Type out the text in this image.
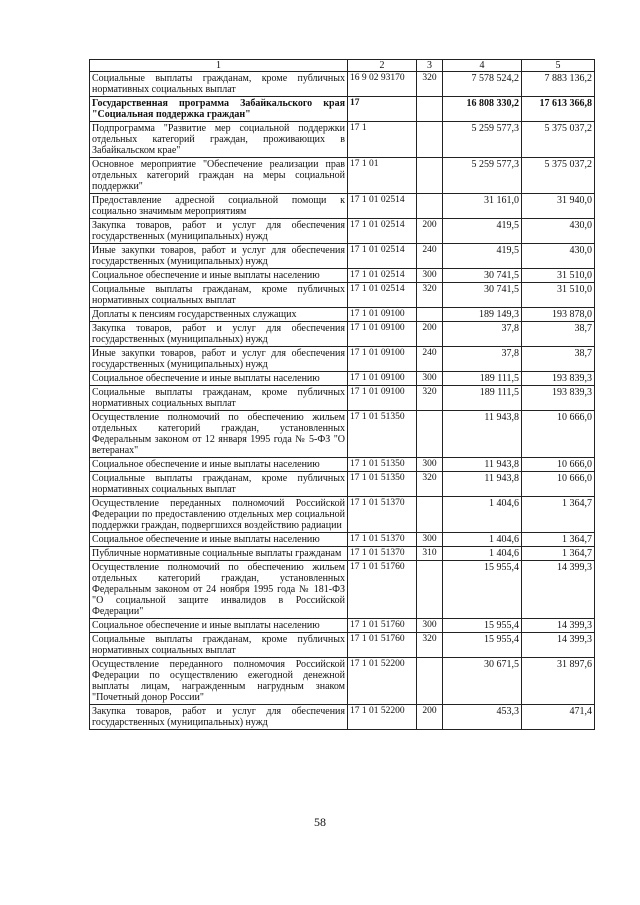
1	2	3	4	5
Социальные выплаты гражданам, кроме публичных нормативных социальных выплат	16 9 02 93170	320	7 578 524,2	7 883 136,2
Государственная программа Забайкальского края "Социальная поддержка граждан"	17		16 808 330,2	17 613 366,8
Подпрограмма "Развитие мер социальной поддержки отдельных категорий граждан, проживающих в Забайкальском крае"	17 1		5 259 577,3	5 375 037,2
Основное мероприятие "Обеспечение реализации прав отдельных категорий граждан на меры социальной поддержки"	17 1 01		5 259 577,3	5 375 037,2
Предоставление адресной социальной помощи к социально значимым мероприятиям	17 1 01 02514		31 161,0	31 940,0
Закупка товаров, работ и услуг для обеспечения государственных (муниципальных) нужд	17 1 01 02514	200	419,5	430,0
Иные закупки товаров, работ и услуг для обеспечения государственных (муниципальных) нужд	17 1 01 02514	240	419,5	430,0
Социальное обеспечение и иные выплаты населению	17 1 01 02514	300	30 741,5	31 510,0
Социальные выплаты гражданам, кроме публичных нормативных социальных выплат	17 1 01 02514	320	30 741,5	31 510,0
Доплаты к пенсиям государственных служащих	17 1 01 09100		189 149,3	193 878,0
Закупка товаров, работ и услуг для обеспечения государственных (муниципальных) нужд	17 1 01 09100	200	37,8	38,7
Иные закупки товаров, работ и услуг для обеспечения государственных (муниципальных) нужд	17 1 01 09100	240	37,8	38,7
Социальное обеспечение и иные выплаты населению	17 1 01 09100	300	189 111,5	193 839,3
Социальные выплаты гражданам, кроме публичных нормативных социальных выплат	17 1 01 09100	320	189 111,5	193 839,3
Осуществление полномочий по обеспечению жильем отдельных категорий граждан, установленных Федеральным законом от 12 января 1995 года № 5-ФЗ "О ветеранах"	17 1 01 51350		11 943,8	10 666,0
Социальное обеспечение и иные выплаты населению	17 1 01 51350	300	11 943,8	10 666,0
Социальные выплаты гражданам, кроме публичных нормативных социальных выплат	17 1 01 51350	320	11 943,8	10 666,0
Осуществление переданных полномочий Российской Федерации по предоставлению отдельных мер социальной поддержки граждан, подвергшихся воздействию радиации	17 1 01 51370		1 404,6	1 364,7
Социальное обеспечение и иные выплаты населению	17 1 01 51370	300	1 404,6	1 364,7
Публичные нормативные социальные выплаты гражданам	17 1 01 51370	310	1 404,6	1 364,7
Осуществление полномочий по обеспечению жильем отдельных категорий граждан, установленных Федеральным законом от 24 ноября 1995 года № 181-ФЗ "О социальной защите инвалидов в Российской Федерации"	17 1 01 51760		15 955,4	14 399,3
Социальное обеспечение и иные выплаты населению	17 1 01 51760	300	15 955,4	14 399,3
Социальные выплаты гражданам, кроме публичных нормативных социальных выплат	17 1 01 51760	320	15 955,4	14 399,3
Осуществление переданного полномочия Российской Федерации по осуществлению ежегодной денежной выплаты лицам, награжденным нагрудным знаком "Почетный донор России"	17 1 01 52200		30 671,5	31 897,6
Закупка товаров, работ и услуг для обеспечения государственных (муниципальных) нужд	17 1 01 52200	200	453,3	471,4
58
